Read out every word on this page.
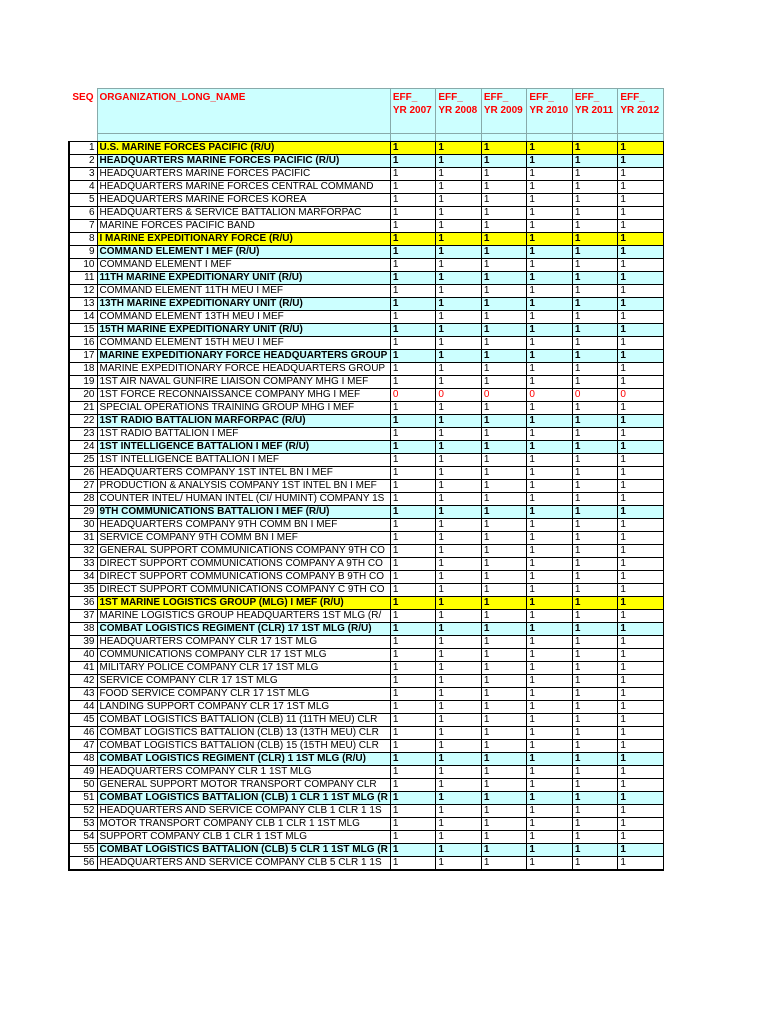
SEQ	ORGANIZATION_LONG_NAME	EFF_ YR 2007	EFF_ YR 2008	EFF_ YR 2009	EFF_ YR 2010	EFF_ YR 2011	EFF_ YR 2012

1	U.S. MARINE FORCES PACIFIC (R/U)	1	1	1	1	1	1
2	HEADQUARTERS MARINE FORCES PACIFIC (R/U)	1	1	1	1	1	1
3	HEADQUARTERS MARINE FORCES PACIFIC	1	1	1	1	1	1
4	HEADQUARTERS MARINE FORCES CENTRAL COMMAND	1	1	1	1	1	1
5	HEADQUARTERS MARINE FORCES KOREA	1	1	1	1	1	1
6	HEADQUARTERS & SERVICE BATTALION MARFORPAC	1	1	1	1	1	1
7	MARINE FORCES PACIFIC BAND	1	1	1	1	1	1
8	I MARINE EXPEDITIONARY FORCE (R/U)	1	1	1	1	1	1
9	COMMAND ELEMENT I MEF (R/U)	1	1	1	1	1	1
10	COMMAND ELEMENT I MEF	1	1	1	1	1	1
11	11TH MARINE EXPEDITIONARY UNIT (R/U)	1	1	1	1	1	1
12	COMMAND ELEMENT 11TH MEU I MEF	1	1	1	1	1	1
13	13TH MARINE EXPEDITIONARY UNIT (R/U)	1	1	1	1	1	1
14	COMMAND ELEMENT 13TH MEU I MEF	1	1	1	1	1	1
15	15TH MARINE EXPEDITIONARY UNIT (R/U)	1	1	1	1	1	1
16	COMMAND ELEMENT 15TH MEU I MEF	1	1	1	1	1	1
17	MARINE EXPEDITIONARY FORCE HEADQUARTERS GROUP	1	1	1	1	1	1
18	MARINE EXPEDITIONARY FORCE HEADQUARTERS GROUP	1	1	1	1	1	1
19	1ST AIR NAVAL GUNFIRE LIAISON COMPANY MHG I MEF	1	1	1	1	1	1
20	1ST FORCE RECONNAISSANCE COMPANY MHG I MEF	0	0	0	0	0	0
21	SPECIAL OPERATIONS TRAINING GROUP MHG I MEF	1	1	1	1	1	1
22	1ST RADIO BATTALION MARFORPAC (R/U)	1	1	1	1	1	1
23	1ST RADIO BATTALION I MEF	1	1	1	1	1	1
24	1ST INTELLIGENCE BATTALION I MEF (R/U)	1	1	1	1	1	1
25	1ST INTELLIGENCE BATTALION I MEF	1	1	1	1	1	1
26	HEADQUARTERS COMPANY 1ST INTEL BN I MEF	1	1	1	1	1	1
27	PRODUCTION & ANALYSIS COMPANY 1ST INTEL BN I MEF	1	1	1	1	1	1
28	COUNTER INTEL/ HUMAN INTEL (CI/ HUMINT) COMPANY 1S	1	1	1	1	1	1
29	9TH COMMUNICATIONS BATTALION I MEF (R/U)	1	1	1	1	1	1
30	HEADQUARTERS COMPANY 9TH COMM BN I MEF	1	1	1	1	1	1
31	SERVICE COMPANY 9TH COMM BN I MEF	1	1	1	1	1	1
32	GENERAL SUPPORT COMMUNICATIONS COMPANY 9TH CO	1	1	1	1	1	1
33	DIRECT SUPPORT COMMUNICATIONS COMPANY A 9TH CO	1	1	1	1	1	1
34	DIRECT SUPPORT COMMUNICATIONS COMPANY B 9TH CO	1	1	1	1	1	1
35	DIRECT SUPPORT COMMUNICATIONS COMPANY C 9TH CO	1	1	1	1	1	1
36	1ST MARINE LOGISTICS GROUP (MLG) I MEF (R/U)	1	1	1	1	1	1
37	MARINE LOGISTICS GROUP HEADQUARTERS 1ST MLG (R/	1	1	1	1	1	1
38	COMBAT LOGISTICS REGIMENT (CLR) 17 1ST MLG (R/U)	1	1	1	1	1	1
39	HEADQUARTERS COMPANY CLR 17 1ST MLG	1	1	1	1	1	1
40	COMMUNICATIONS COMPANY CLR 17 1ST MLG	1	1	1	1	1	1
41	MILITARY POLICE COMPANY CLR 17 1ST MLG	1	1	1	1	1	1
42	SERVICE COMPANY CLR 17 1ST MLG	1	1	1	1	1	1
43	FOOD SERVICE COMPANY CLR 17 1ST MLG	1	1	1	1	1	1
44	LANDING SUPPORT COMPANY CLR 17 1ST MLG	1	1	1	1	1	1
45	COMBAT LOGISTICS BATTALION (CLB) 11 (11TH MEU) CLR	1	1	1	1	1	1
46	COMBAT LOGISTICS BATTALION (CLB) 13 (13TH MEU) CLR	1	1	1	1	1	1
47	COMBAT LOGISTICS BATTALION (CLB) 15 (15TH MEU) CLR	1	1	1	1	1	1
48	COMBAT LOGISTICS REGIMENT (CLR) 1 1ST MLG (R/U)	1	1	1	1	1	1
49	HEADQUARTERS COMPANY CLR 1 1ST MLG	1	1	1	1	1	1
50	GENERAL SUPPORT MOTOR TRANSPORT COMPANY CLR	1	1	1	1	1	1
51	COMBAT LOGISTICS BATTALION (CLB) 1 CLR 1 1ST MLG (R	1	1	1	1	1	1
52	HEADQUARTERS AND SERVICE COMPANY CLB 1 CLR 1 1S	1	1	1	1	1	1
53	MOTOR TRANSPORT COMPANY CLB 1 CLR 1 1ST MLG	1	1	1	1	1	1
54	SUPPORT COMPANY CLB 1 CLR 1 1ST MLG	1	1	1	1	1	1
55	COMBAT LOGISTICS BATTALION (CLB) 5 CLR 1 1ST MLG (R	1	1	1	1	1	1
56	HEADQUARTERS AND SERVICE COMPANY CLB 5 CLR 1 1S	1	1	1	1	1	1
